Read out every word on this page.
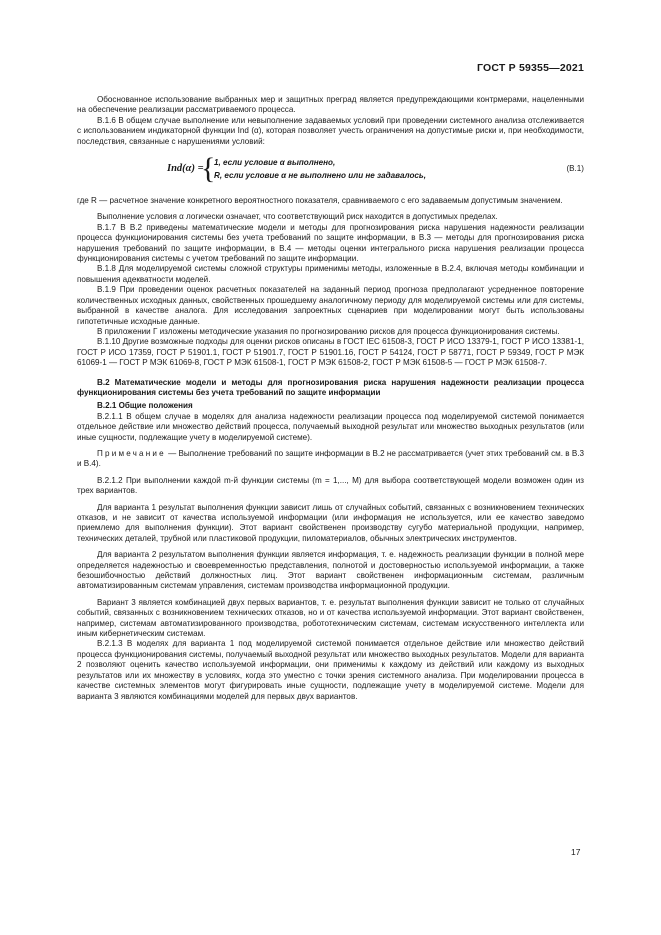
ГОСТ Р 59355—2021

Обоснованное использование выбранных мер и защитных преград является предупреждающими контрмерами, нацеленными на обеспечение реализации рассматриваемого процесса.

В.1.6 В общем случае выполнение или невыполнение задаваемых условий при проведении системного анализа отслеживается с использованием индикаторной функции Ind (α), которая позволяет учесть ограничения на допустимые риски и, при необходимости, последствия, связанные с нарушениями условий:

Ind(α) =
{
1, если условие α выполнено,
R, если условие α не выполнено или не задавалось,
(В.1)

где R — расчетное значение конкретного вероятностного показателя, сравниваемого с его задаваемым допустимым значением.

Выполнение условия α логически означает, что соответствующий риск находится в допустимых пределах.

В.1.7 В В.2 приведены математические модели и методы для прогнозирования риска нарушения надежности реализации процесса функционирования системы без учета требований по защите информации, в В.3 — методы для прогнозирования риска нарушения требований по защите информации, в В.4 — методы оценки интегрального риска нарушения реализации процесса функционирования системы с учетом требований по защите информации.

В.1.8 Для моделируемой системы сложной структуры применимы методы, изложенные в В.2.4, включая методы комбинации и повышения адекватности моделей.

В.1.9 При проведении оценок расчетных показателей на заданный период прогноза предполагают усредненное повторение количественных исходных данных, свойственных прошедшему аналогичному периоду для моделируемой системы или для системы, выбранной в качестве аналога. Для исследования запроектных сценариев при моделировании могут быть использованы гипотетичные исходные данные.

В приложении Г изложены методические указания по прогнозированию рисков для процесса функционирования системы.

В.1.10 Другие возможные подходы для оценки рисков описаны в ГОСТ IEC 61508-3, ГОСТ Р ИСО 13379-1, ГОСТ Р ИСО 13381-1, ГОСТ Р ИСО 17359, ГОСТ Р 51901.1, ГОСТ Р 51901.7, ГОСТ Р 51901.16, ГОСТ Р 54124, ГОСТ Р 58771, ГОСТ Р 59349, ГОСТ Р МЭК 61069-1 — ГОСТ Р МЭК 61069-8, ГОСТ Р МЭК 61508-1, ГОСТ Р МЭК 61508-2, ГОСТ Р МЭК 61508-5 — ГОСТ Р МЭК 61508-7.

В.2 Математические модели и методы для прогнозирования риска нарушения надежности реализации процесса функционирования системы без учета требований по защите информации

В.2.1 Общие положения

В.2.1.1 В общем случае в моделях для анализа надежности реализации процесса под моделируемой системой понимается отдельное действие или множество действий процесса, получаемый выходной результат или множество выходных результатов (или иные сущности, подлежащие учету в моделируемой системе).

Примечание — Выполнение требований по защите информации в В.2 не рассматривается (учет этих требований см. в В.3 и В.4).

В.2.1.2 При выполнении каждой m-й функции системы (m = 1,..., M) для выбора соответствующей модели возможен один из трех вариантов.

Для варианта 1 результат выполнения функции зависит лишь от случайных событий, связанных с возникновением технических отказов, и не зависит от качества используемой информации (или информация не используется, или ее качество заведомо приемлемо для выполнения функции). Этот вариант свойственен производству сугубо материальной продукции, например, технических деталей, трубной или пластиковой продукции, пиломатериалов, обычных электрических инструментов.

Для варианта 2 результатом выполнения функции является информация, т. е. надежность реализации функции в полной мере определяется надежностью и своевременностью представления, полнотой и достоверностью используемой информации, а также безошибочностью действий должностных лиц. Этот вариант свойственен информационным системам, различным автоматизированным системам управления, системам производства информационной продукции.

Вариант 3 является комбинацией двух первых вариантов, т. е. результат выполнения функции зависит не только от случайных событий, связанных с возникновением технических отказов, но и от качества используемой информации. Этот вариант свойственен, например, системам автоматизированного производства, робототехническим системам, системам искусственного интеллекта или иным кибернетическим системам.

В.2.1.3 В моделях для варианта 1 под моделируемой системой понимается отдельное действие или множество действий процесса функционирования системы, получаемый выходной результат или множество выходных результатов. Модели для варианта 2 позволяют оценить качество используемой информации, они применимы к каждому из действий или каждому из выходных результатов или их множеству в условиях, когда это уместно с точки зрения системного анализа. При моделировании процесса в качестве системных элементов могут фигурировать иные сущности, подлежащие учету в моделируемой системе. Модели для варианта 3 являются комбинациями моделей для первых двух вариантов.

17
